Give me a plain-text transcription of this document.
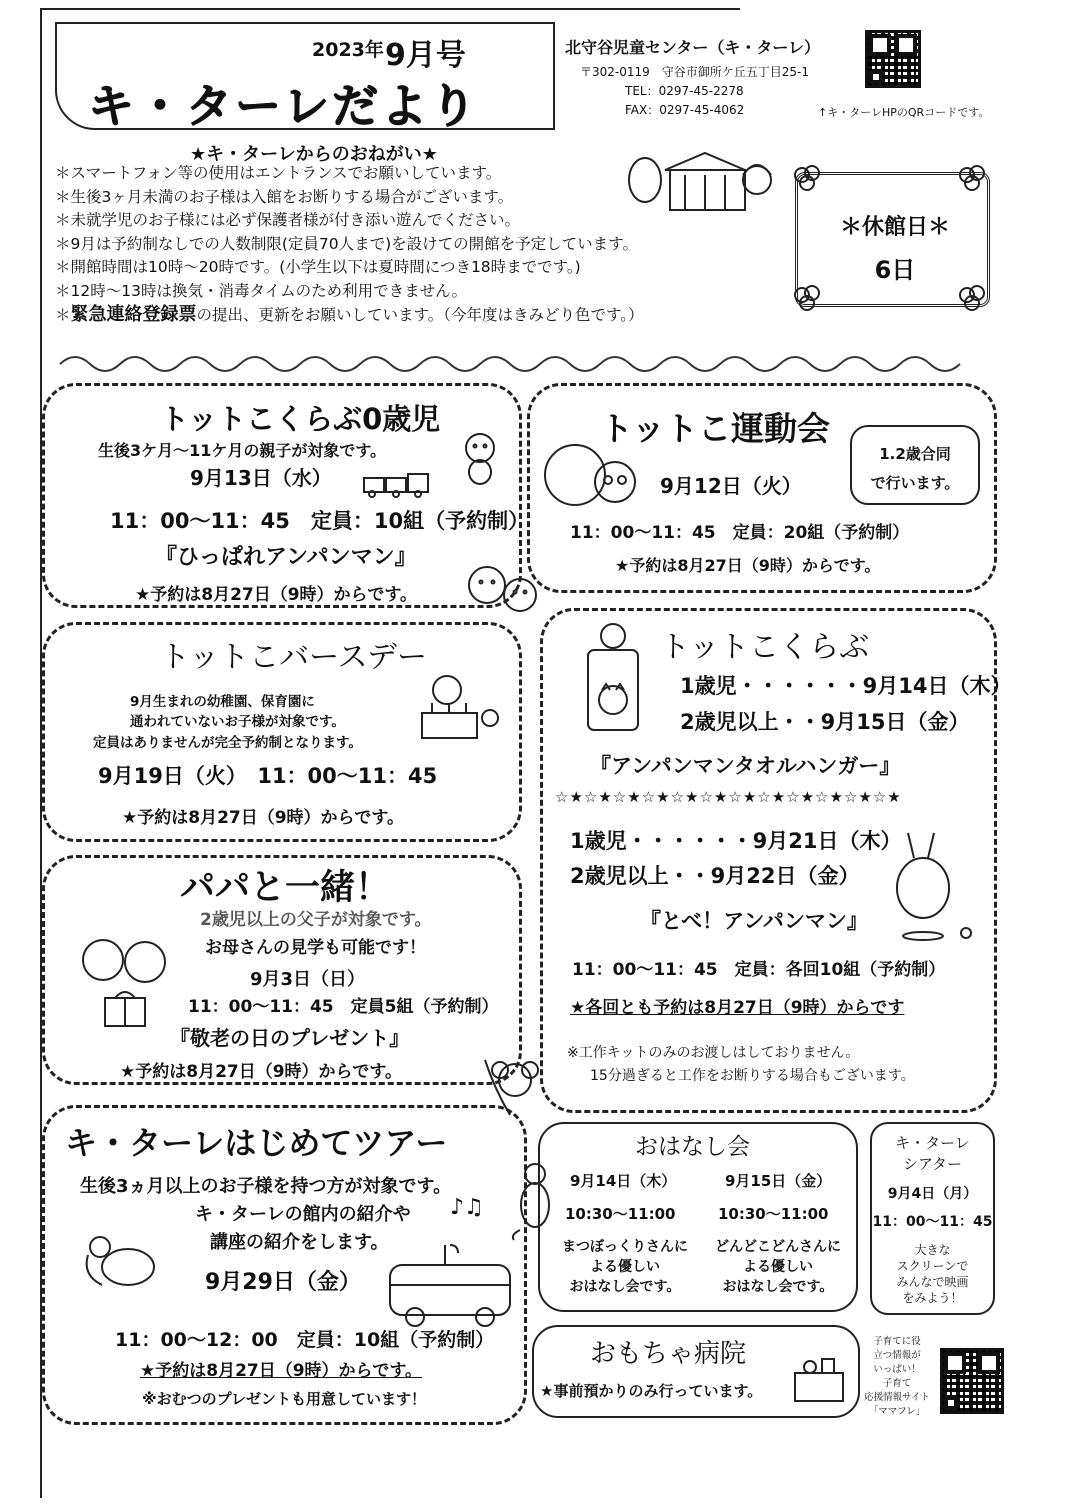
2023年 9月号
キ・ターレだより
北守谷児童センター（キ・ターレ）
〒302-0119　守谷市御所ケ丘五丁目25-1
TEL：0297-45-2278
FAX：0297-45-4062	↑キ・ターレHPのQRコードです。
★キ・ターレからのおねがい★
＊スマートフォン等の使用はエントランスでお願いしています。
＊生後3ヶ月未満のお子様は入館をお断りする場合がございます。
＊未就学児のお子様には必ず保護者様が付き添い遊んでください。
＊9月は予約制なしでの人数制限(定員70人まで)を設けての開館を予定しています。
＊開館時間は10時～20時です。(小学生以下は夏時間につき18時までです。)
＊12時～13時は換気・消毒タイムのため利用できません。
＊緊急連絡登録票の提出、更新をお願いしています。（今年度はきみどり色です。）
＊休館日＊
6日
トットこくらぶ0歳児
生後3ケ月～11ケ月の親子が対象です。
9月13日（水）
11：00～11：45　定員：10組（予約制）
『ひっぱれアンパンマン』
★予約は8月27日（9時）からです。
トットこ運動会
1.2歳合同
で行います。
9月12日（火）
11：00～11：45　定員：20組（予約制）
★予約は8月27日（9時）からです。
トットこバースデー
9月生まれの幼稚園、保育園に
通われていないお子様が対象です。
定員はありませんが完全予約制となります。
9月19日（火）　11：00～11：45
★予約は8月27日（9時）からです。
トットこくらぶ
1歳児・・・・・・9月14日（木）
2歳児以上・・9月15日（金）
『アンパンマンタオルハンガー』
☆★☆★☆★☆★☆★☆★☆★☆★☆★☆★☆★☆★
1歳児・・・・・・9月21日（木）
2歳児以上・・9月22日（金）
『とべ！アンパンマン』
11：00～11：45　定員：各回10組（予約制）
★各回とも予約は8月27日（9時）からです
※工作キットのみのお渡しはしておりません。
15分過ぎると工作をお断りする場合もございます。
パパと一緒！
2歳児以上の父子が対象です。
お母さんの見学も可能です！
9月3日（日）
11：00～11：45　定員5組（予約制）
『敬老の日のプレゼント』
★予約は8月27日（9時）からです。
キ・ターレはじめてツアー
生後3ヵ月以上のお子様を持つ方が対象です。
キ・ターレの館内の紹介や
講座の紹介をします。
♪♫
9月29日（金）
11：00～12：00　定員：10組（予約制）
★予約は8月27日（9時）からです。
※おむつのプレゼントも用意しています！
おはなし会
9月14日（木）
10:30～11:00
まつぼっくりさんに
よる優しい
おはなし会です。
9月15日（金）
10:30～11:00
どんどこどんさんに
よる優しい
おはなし会です。
キ・ターレ
シアター
9月4日（月）
11：00～11：45
大きな
スクリーンで
みんなで映画
をみよう！
おもちゃ病院
★事前預かりのみ行っています。
子育てに役
立つ情報が
いっぱい！
子育て
応援情報サイト
「ママフレ」
